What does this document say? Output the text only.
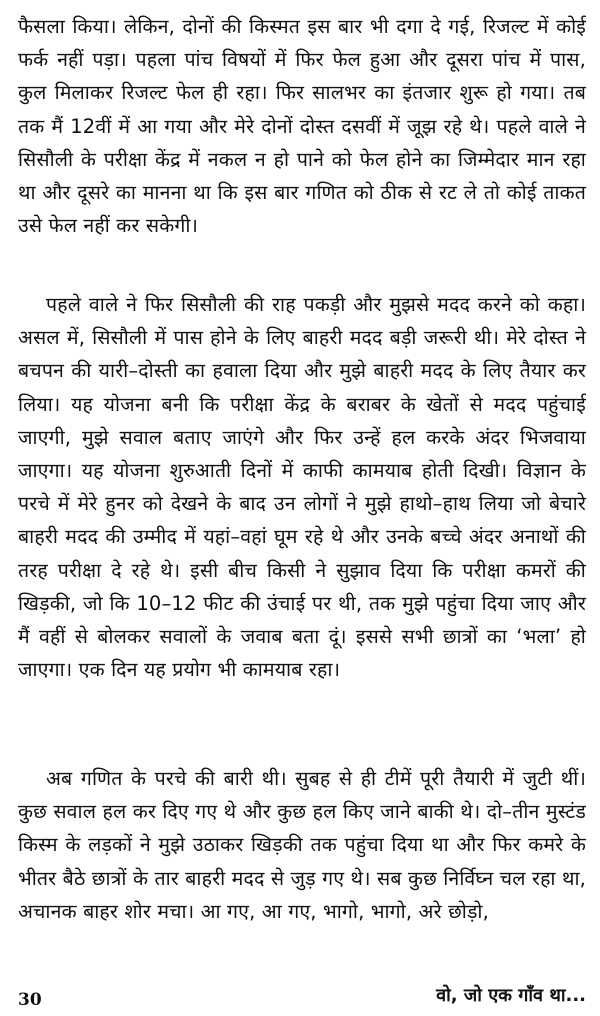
फैसला किया। लेकिन, दोनों की किस्मत इस बार भी दगा दे गई, रिजल्ट में कोई फर्क नहीं पड़ा। पहला पांच विषयों में फिर फेल हुआ और दूसरा पांच में पास, कुल मिलाकर रिजल्ट फेल ही रहा। फिर सालभर का इंतजार शुरू हो गया। तब तक मैं 12वीं में आ गया और मेरे दोनों दोस्त दसवीं में जूझ रहे थे। पहले वाले ने सिसौली के परीक्षा केंद्र में नकल न हो पाने को फेल होने का जिम्मेदार मान रहा था और दूसरे का मानना था कि इस बार गणित को ठीक से रट ले तो कोई ताकत उसे फेल नहीं कर सकेगी।

पहले वाले ने फिर सिसौली की राह पकड़ी और मुझसे मदद करने को कहा। असल में, सिसौली में पास होने के लिए बाहरी मदद बड़ी जरूरी थी। मेरे दोस्त ने बचपन की यारी–दोस्ती का हवाला दिया और मुझे बाहरी मदद के लिए तैयार कर लिया। यह योजना बनी कि परीक्षा केंद्र के बराबर के खेतों से मदद पहुंचाई जाएगी, मुझे सवाल बताए जाएंगे और फिर उन्हें हल करके अंदर भिजवाया जाएगा। यह योजना शुरुआती दिनों में काफी कामयाब होती दिखी। विज्ञान के परचे में मेरे हुनर को देखने के बाद उन लोगों ने मुझे हाथो–हाथ लिया जो बेचारे बाहरी मदद की उम्मीद में यहां–वहां घूम रहे थे और उनके बच्चे अंदर अनाथों की तरह परीक्षा दे रहे थे। इसी बीच किसी ने सुझाव दिया कि परीक्षा कमरों की खिड़की, जो कि 10–12 फीट की उंचाई पर थी, तक मुझे पहुंचा दिया जाए और मैं वहीं से बोलकर सवालों के जवाब बता दूं। इससे सभी छात्रों का ‘भला’ हो जाएगा। एक दिन यह प्रयोग भी कामयाब रहा।

अब गणित के परचे की बारी थी। सुबह से ही टीमें पूरी तैयारी में जुटी थीं। कुछ सवाल हल कर दिए गए थे और कुछ हल किए जाने बाकी थे। दो–तीन मुस्टंड किस्म के लड़कों ने मुझे उठाकर खिड़की तक पहुंचा दिया था और फिर कमरे के भीतर बैठे छात्रों के तार बाहरी मदद से जुड़ गए थे। सब कुछ निर्विघ्न चल रहा था, अचानक बाहर शोर मचा। आ गए, आ गए, भागो, भागो, अरे छोड़ो,

30	वो, जो एक गाँव था...
